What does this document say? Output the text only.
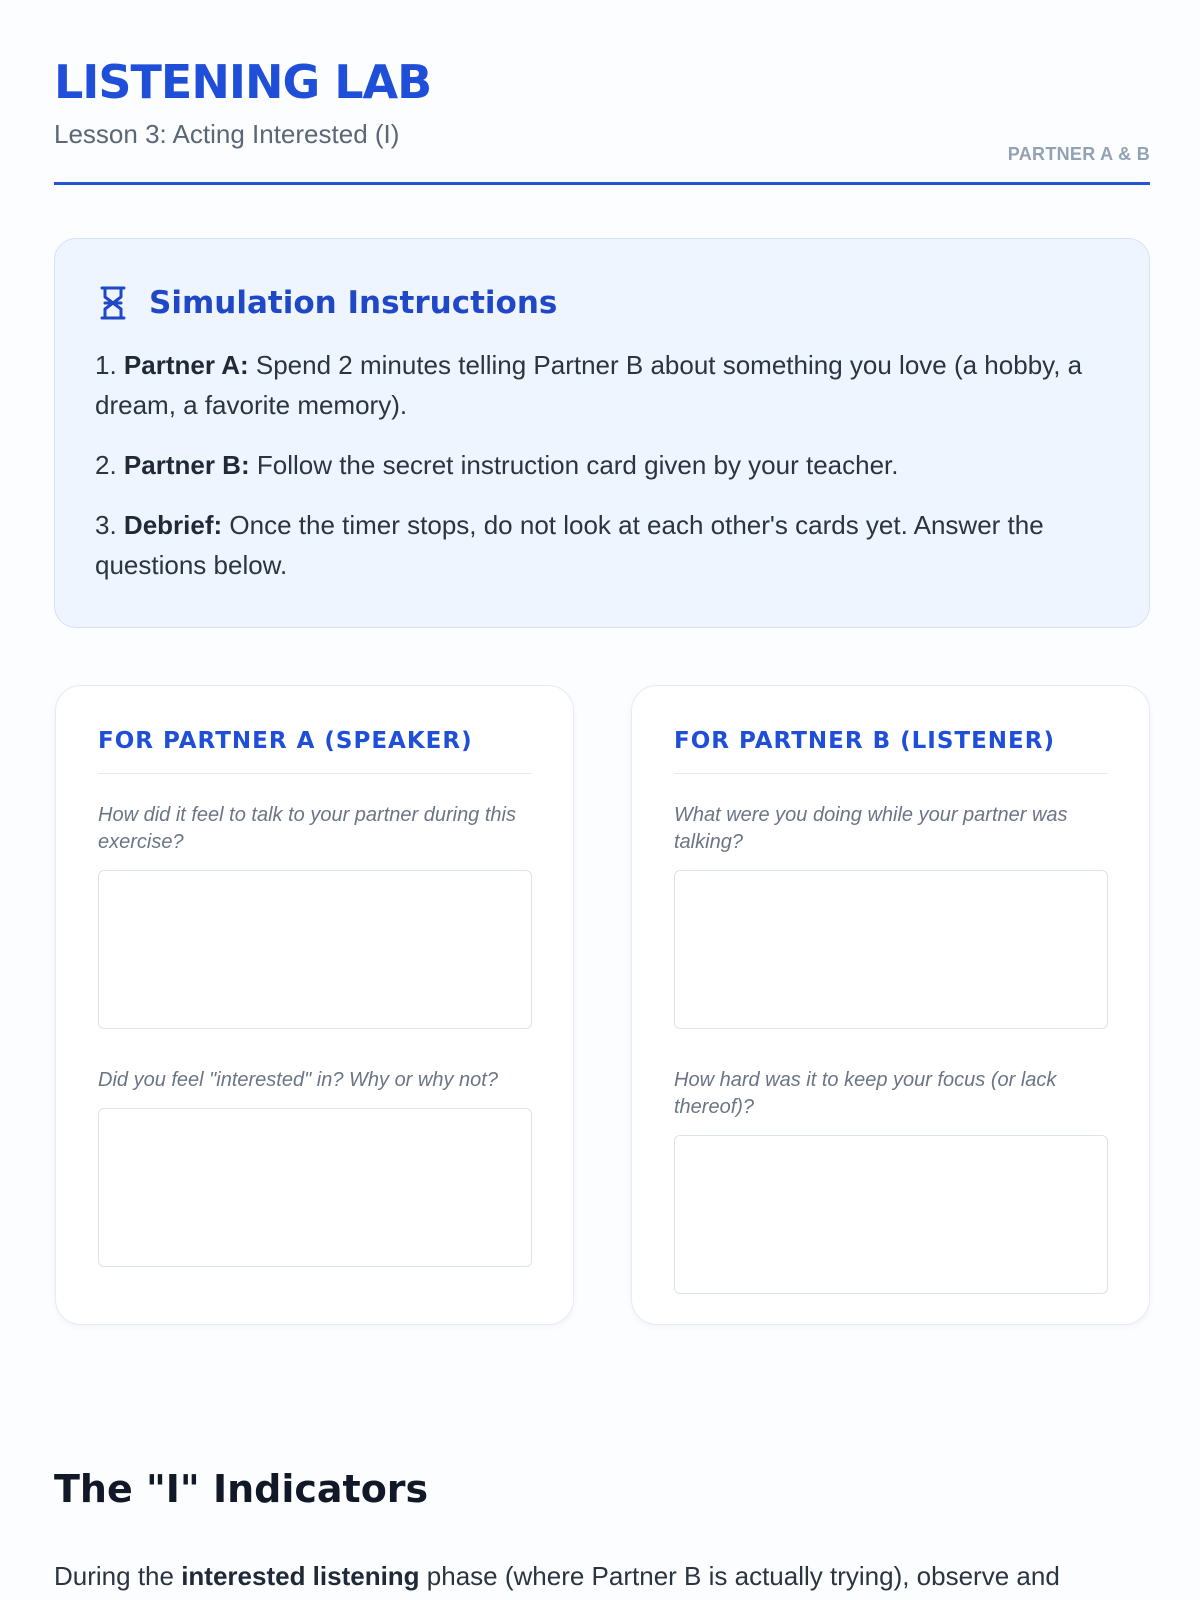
LISTENING LAB
Lesson 3: Acting Interested (I)
PARTNER A & B
Simulation Instructions
1. Partner A: Spend 2 minutes telling Partner B about something you love (a hobby, a dream, a favorite memory).
2. Partner B: Follow the secret instruction card given by your teacher.
3. Debrief: Once the timer stops, do not look at each other's cards yet. Answer the questions below.
FOR PARTNER A (SPEAKER)
How did it feel to talk to your partner during this exercise?
Did you feel "interested" in? Why or why not?
FOR PARTNER B (LISTENER)
What were you doing while your partner was talking?
How hard was it to keep your focus (or lack thereof)?
The "I" Indicators
During the interested listening phase (where Partner B is actually trying), observe and
